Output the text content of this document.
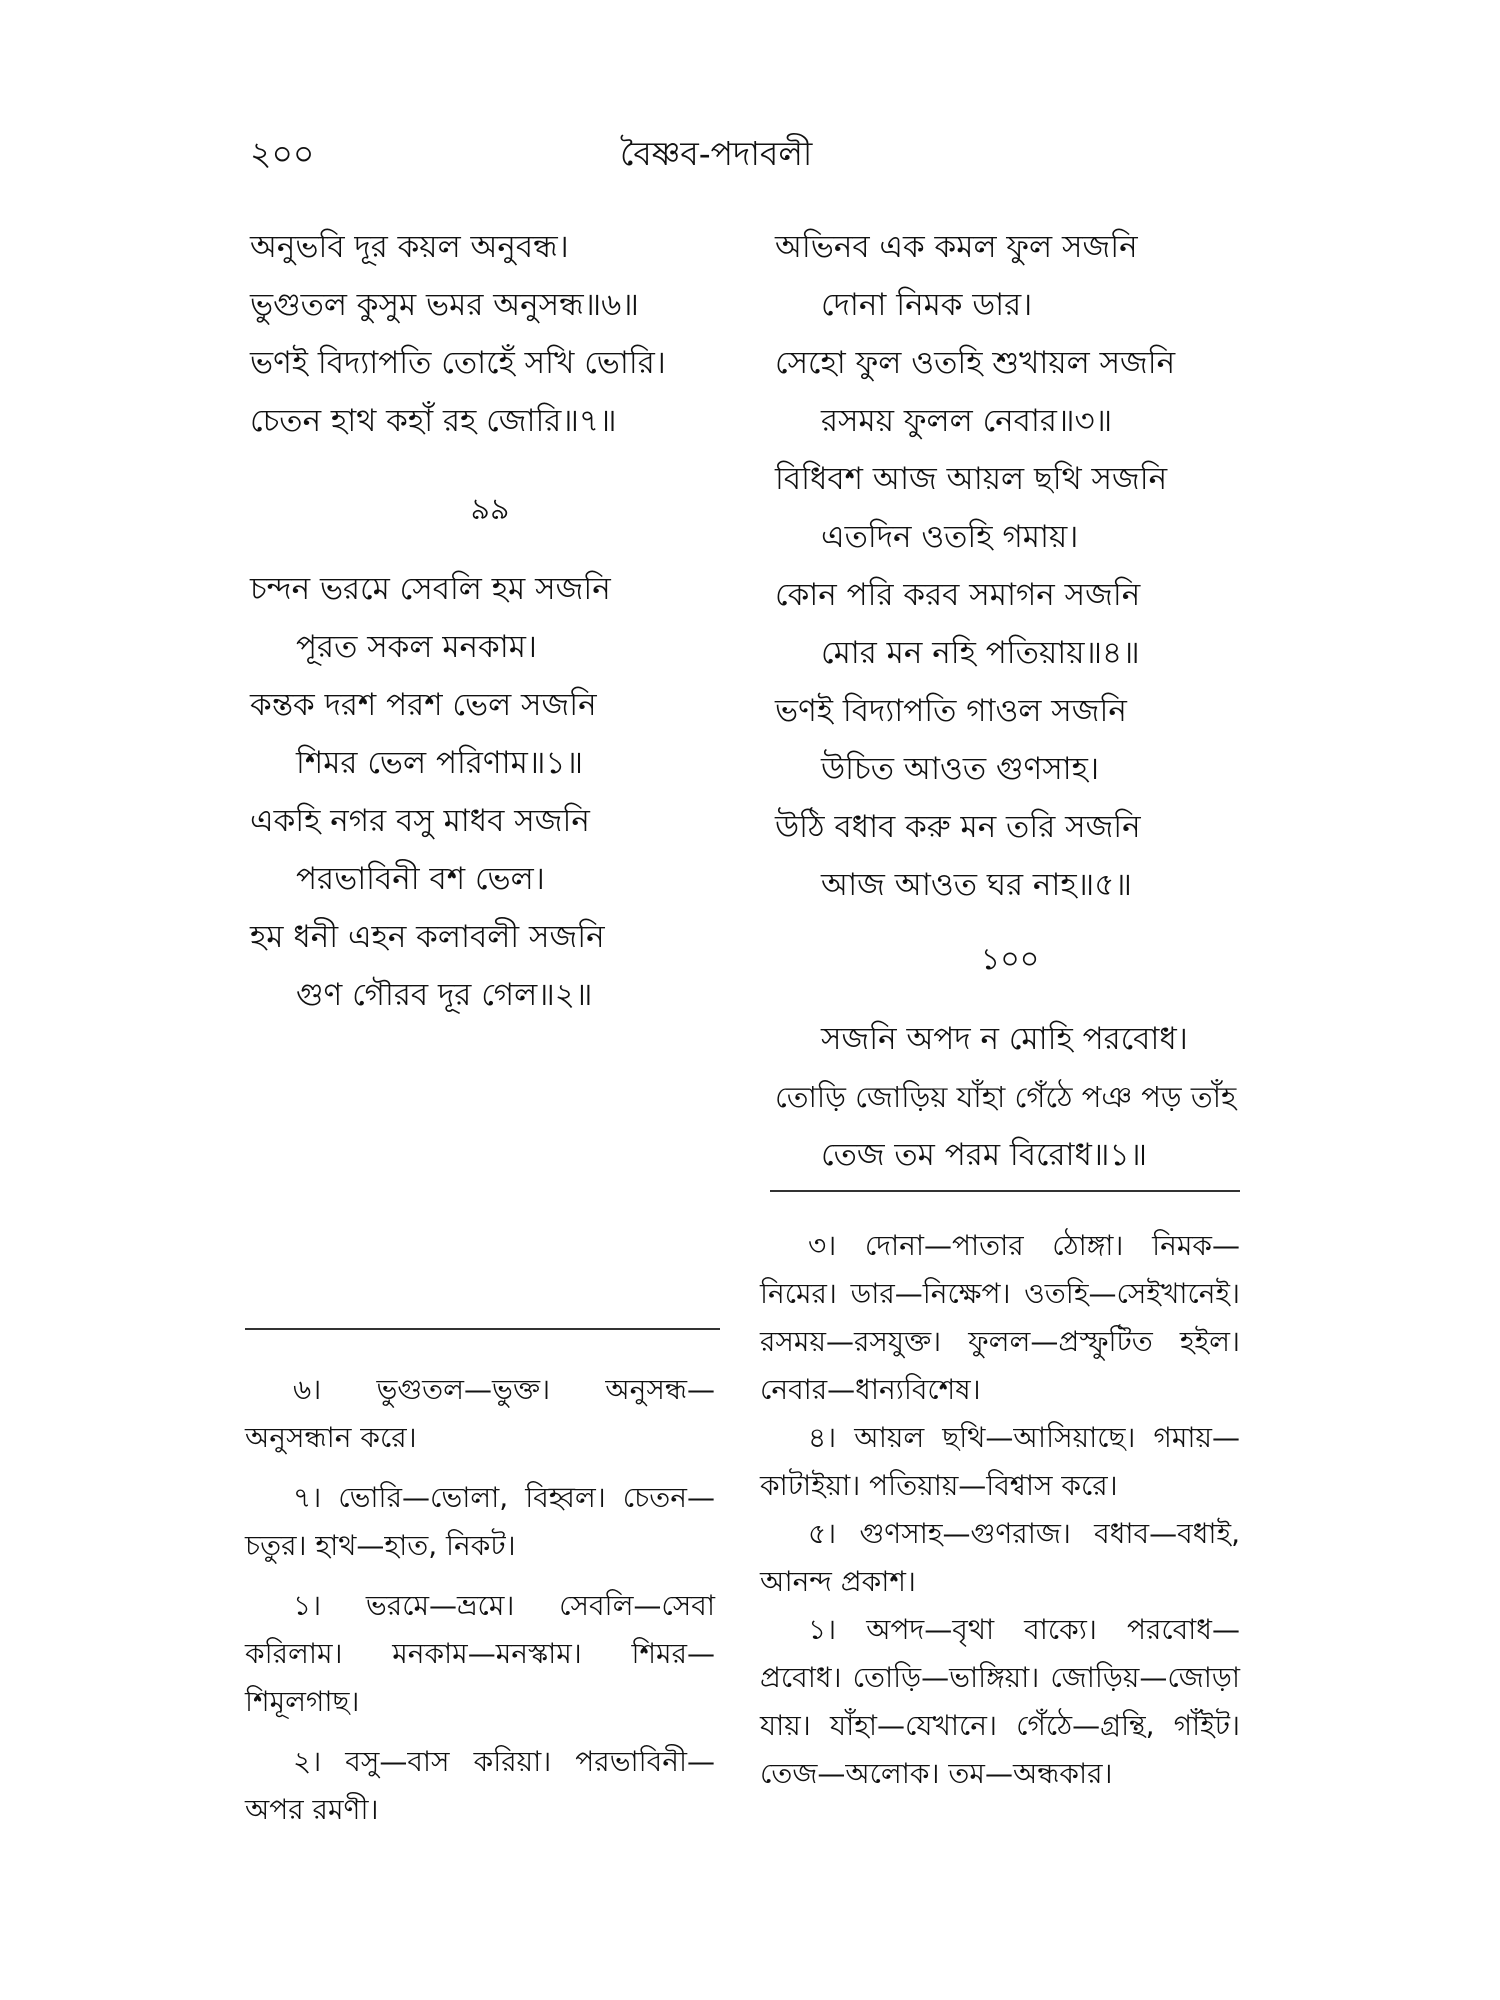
২০০	বৈষ্ণব-পদাবলী
অনুভবি দূর কয়ল অনুবন্ধ।
ভুগুতল কুসুম ভমর অনুসন্ধ॥৬॥
ভণই বিদ্যাপতি তোহেঁ সখি ভোরি।
চেতন হাথ কহাঁ রহ জোরি॥৭॥
৯৯
চন্দন ভরমে সেবলি হম সজনি
পূরত সকল মনকাম।
কন্তক দরশ পরশ ভেল সজনি
শিমর ভেল পরিণাম॥১॥
একহি নগর বসু মাধব সজনি
পরভাবিনী বশ ভেল।
হম ধনী এহন কলাবলী সজনি
গুণ গৌরব দূর গেল॥২॥

৬। ভুগুতল—ভুক্ত। অনুসন্ধ—অনুসন্ধান করে।

৭। ভোরি—ভোলা, বিহ্বল। চেতন—চতুর। হাথ—হাত, নিকট।

১। ভরমে—ভ্রমে। সেবলি—সেবা করিলাম। মনকাম—মনস্কাম। শিমর—শিমূলগাছ।

২। বসু—বাস করিয়া। পরভাবিনী—অপর রমণী।

অভিনব এক কমল ফুল সজনি
দোনা নিমক ডার।
সেহো ফুল ওতহি শুখায়ল সজনি
রসময় ফুলল নেবার॥৩॥
বিধিবশ আজ আয়ল ছথি সজনি
এতদিন ওতহি গমায়।
কোন পরি করব সমাগন সজনি
মোর মন নহি পতিয়ায়॥৪॥
ভণই বিদ্যাপতি গাওল সজনি
উচিত আওত গুণসাহ।
উঠি বধাব করু মন তরি সজনি
আজ আওত ঘর নাহ॥৫॥
১০০
সজনি অপদ ন মোহি পরবোধ।
তোড়ি জোড়িয় যাঁহা গেঁঠে পঞ পড় তাঁহ
তেজ তম পরম বিরোধ॥১॥

৩। দোনা—পাতার ঠোঙ্গা। নিমক—নিমের। ডার—নিক্ষেপ। ওতহি—সেইখানেই। রসময়—রসযুক্ত। ফুলল—প্রস্ফুটিত হইল। নেবার—ধান্যবিশেষ।

৪। আয়ল ছথি—আসিয়াছে। গমায়—কাটাইয়া। পতিয়ায়—বিশ্বাস করে।

৫। গুণসাহ—গুণরাজ। বধাব—বধাই, আনন্দ প্রকাশ।

১। অপদ—বৃথা বাক্যে। পরবোধ—প্রবোধ। তোড়ি—ভাঙ্গিয়া। জোড়িয়—জোড়া যায়। যাঁহা—যেখানে। গেঁঠে—গ্রন্থি, গাঁইট। তেজ—অলোক। তম—অন্ধকার।
